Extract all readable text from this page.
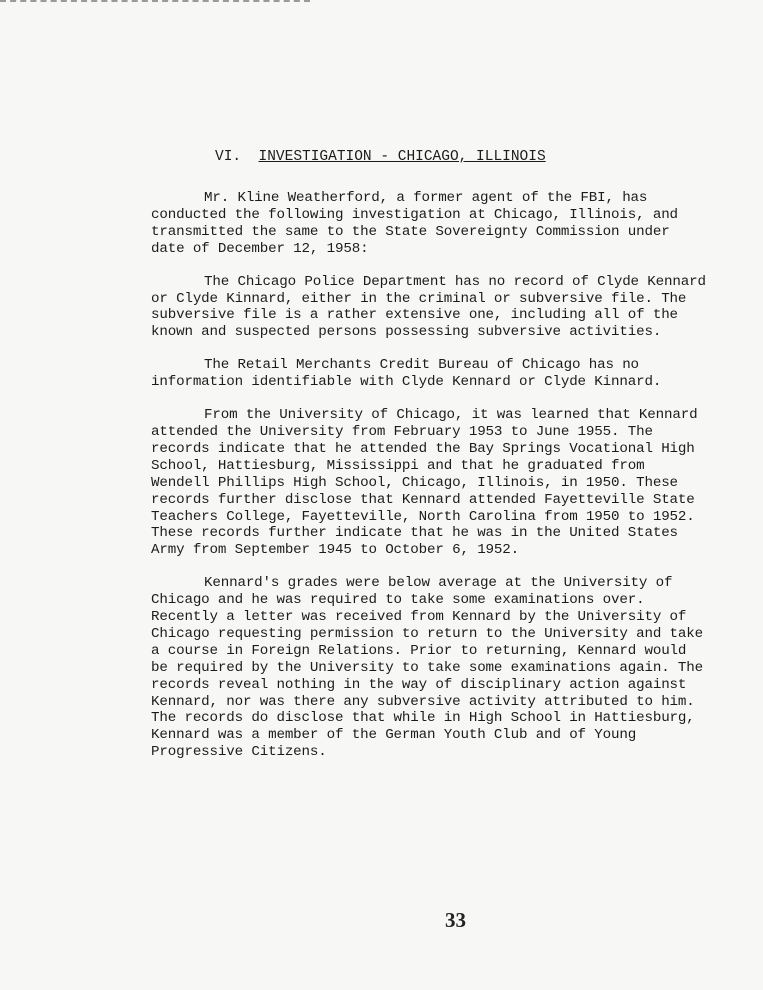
VI. INVESTIGATION - CHICAGO, ILLINOIS

Mr. Kline Weatherford, a former agent of the FBI, has conducted the following investigation at Chicago, Illinois, and transmitted the same to the State Sovereignty Commission under date of December 12, 1958:

The Chicago Police Department has no record of Clyde Kennard or Clyde Kinnard, either in the criminal or subversive file. The subversive file is a rather extensive one, including all of the known and suspected persons possessing subversive activities.

The Retail Merchants Credit Bureau of Chicago has no information identifiable with Clyde Kennard or Clyde Kinnard.

From the University of Chicago, it was learned that Kennard attended the University from February 1953 to June 1955. The records indicate that he attended the Bay Springs Vocational High School, Hattiesburg, Mississippi and that he graduated from Wendell Phillips High School, Chicago, Illinois, in 1950. These records further disclose that Kennard attended Fayetteville State Teachers College, Fayetteville, North Carolina from 1950 to 1952. These records further indicate that he was in the United States Army from September 1945 to October 6, 1952.

Kennard's grades were below average at the University of Chicago and he was required to take some examinations over. Recently a letter was received from Kennard by the University of Chicago requesting permission to return to the University and take a course in Foreign Relations. Prior to returning, Kennard would be required by the University to take some examinations again. The records reveal nothing in the way of disciplinary action against Kennard, nor was there any subversive activity attributed to him. The records do disclose that while in High School in Hattiesburg, Kennard was a member of the German Youth Club and of Young Progressive Citizens.

33
